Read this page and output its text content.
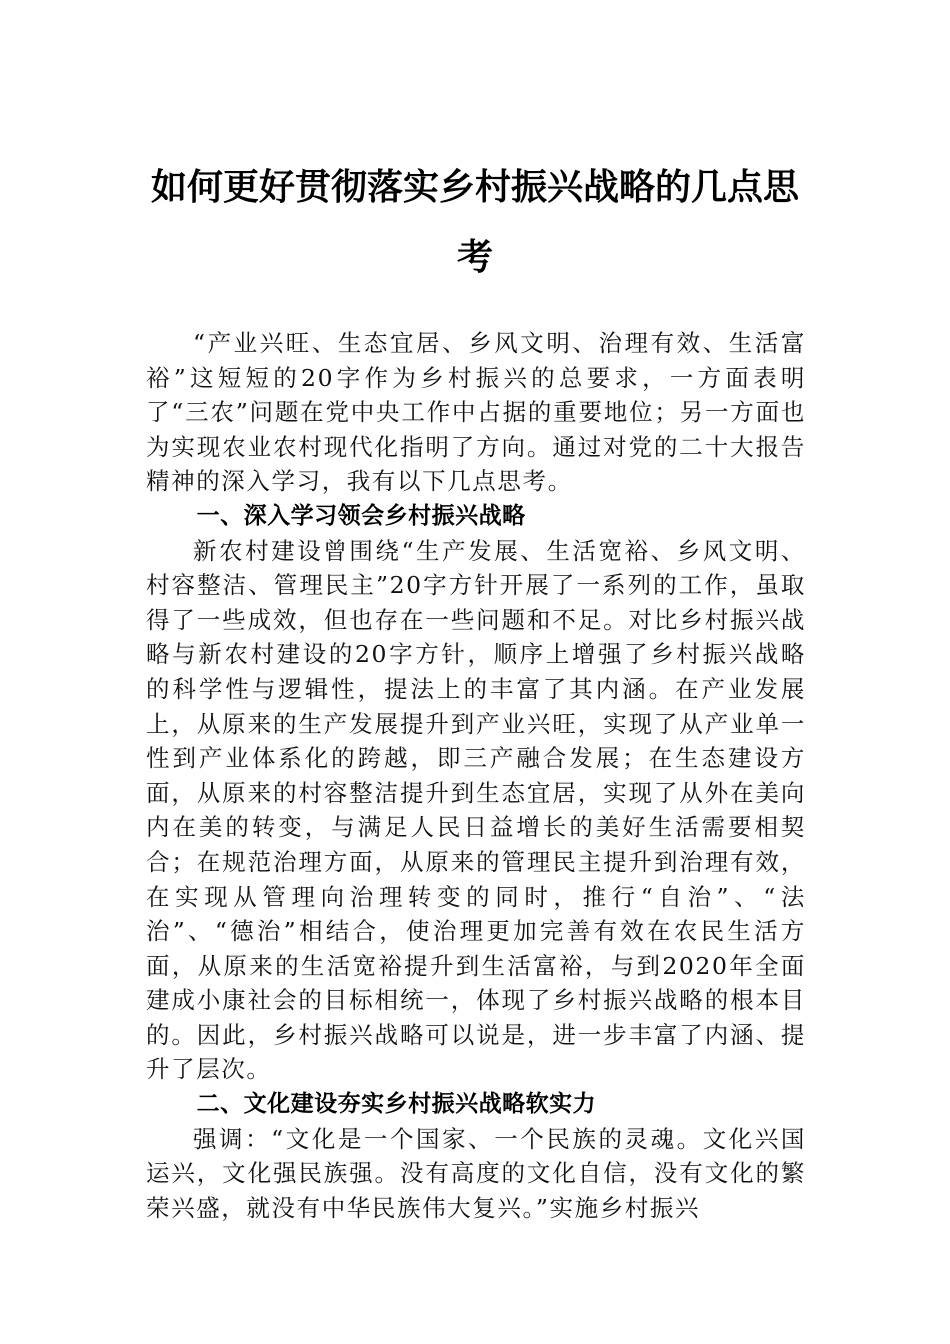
如何更好贯彻落实乡村振兴战略的几点思考

“产业兴旺、生态宜居、乡风文明、治理有效、生活富裕”这短短的20字作为乡村振兴的总要求，一方面表明了“三农”问题在党中央工作中占据的重要地位；另一方面也为实现农业农村现代化指明了方向。通过对党的二十大报告精神的深入学习，我有以下几点思考。

一、深入学习领会乡村振兴战略

新农村建设曾围绕“生产发展、生活宽裕、乡风文明、村容整洁、管理民主”20字方针开展了一系列的工作，虽取得了一些成效，但也存在一些问题和不足。对比乡村振兴战略与新农村建设的20字方针，顺序上增强了乡村振兴战略的科学性与逻辑性，提法上的丰富了其内涵。在产业发展上，从原来的生产发展提升到产业兴旺，实现了从产业单一性到产业体系化的跨越，即三产融合发展；在生态建设方面，从原来的村容整洁提升到生态宜居，实现了从外在美向内在美的转变，与满足人民日益增长的美好生活需要相契合；在规范治理方面，从原来的管理民主提升到治理有效，在实现从管理向治理转变的同时，推行“自治”、“法治”、“德治”相结合，使治理更加完善有效在农民生活方面，从原来的生活宽裕提升到生活富裕，与到2020年全面建成小康社会的目标相统一，体现了乡村振兴战略的根本目的。因此，乡村振兴战略可以说是，进一步丰富了内涵、提升了层次。

二、文化建设夯实乡村振兴战略软实力

强调：“文化是一个国家、一个民族的灵魂。文化兴国运兴，文化强民族强。没有高度的文化自信，没有文化的繁荣兴盛，就没有中华民族伟大复兴。”实施乡村振兴
